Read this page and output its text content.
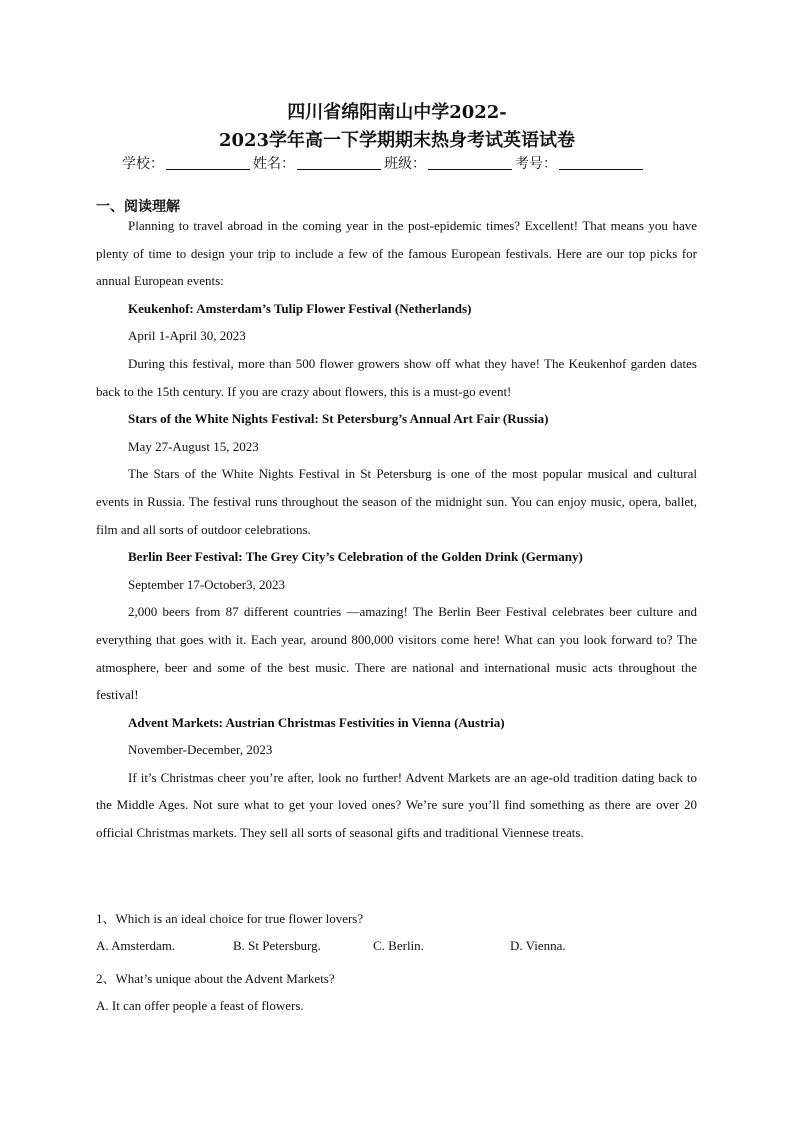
四川省绵阳南山中学2022-
2023学年高一下学期期末热身考试英语试卷
学校：	姓名：	班级：	考号：
一、阅读理解

Planning to travel abroad in the coming year in the post-epidemic times? Excellent! That means you have plenty of time to design your trip to include a few of the famous European festivals. Here are our top picks for annual European events:

Keukenhof: Amsterdam’s Tulip Flower Festival (Netherlands)

April 1-April 30, 2023

During this festival, more than 500 flower growers show off what they have! The Keukenhof garden dates back to the 15th century. If you are crazy about flowers, this is a must-go event!

Stars of the White Nights Festival: St Petersburg’s Annual Art Fair (Russia)

May 27-August 15, 2023

The Stars of the White Nights Festival in St Petersburg is one of the most popular musical and cultural events in Russia. The festival runs throughout the season of the midnight sun. You can enjoy music, opera, ballet, film and all sorts of outdoor celebrations.

Berlin Beer Festival: The Grey City’s Celebration of the Golden Drink (Germany)

September 17-October3, 2023

2,000 beers from 87 different countries —amazing! The Berlin Beer Festival celebrates beer culture and everything that goes with it. Each year, around 800,000 visitors come here! What can you look forward to? The atmosphere, beer and some of the best music. There are national and international music acts throughout the festival!

Advent Markets: Austrian Christmas Festivities in Vienna (Austria)

November-December, 2023

If it’s Christmas cheer you’re after, look no further! Advent Markets are an age-old tradition dating back to the Middle Ages. Not sure what to get your loved ones? We’re sure you’ll find something as there are over 20 official Christmas markets. They sell all sorts of seasonal gifts and traditional Viennese treats.

1、Which is an ideal choice for true flower lovers?
A. Amsterdam.	B. St Petersburg.	C. Berlin.	D. Vienna.
2、What’s unique about the Advent Markets?
A. It can offer people a feast of flowers.
